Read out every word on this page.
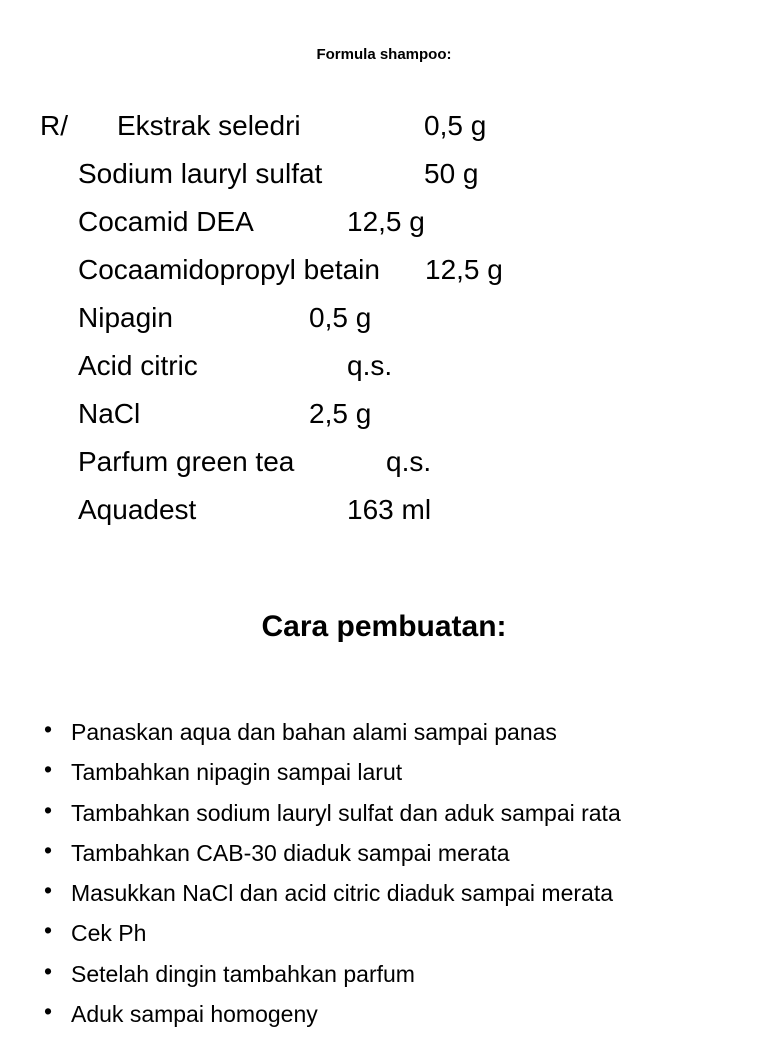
Formula shampoo:
R/ Ekstrak seledri	0,5 g
Sodium lauryl sulfat	50 g
Cocamid DEA	12,5 g
Cocaamidopropyl betain 12,5 g
Nipagin	0,5 g
Acid citric	q.s.
NaCl	2,5 g
Parfum green tea	q.s.
Aquadest	163 ml
Cara pembuatan:
• Panaskan aqua dan bahan alami sampai panas
• Tambahkan nipagin sampai larut
• Tambahkan sodium lauryl sulfat dan aduk sampai rata
• Tambahkan CAB-30 diaduk sampai merata
• Masukkan NaCl dan acid citric diaduk sampai merata
• Cek Ph
• Setelah dingin tambahkan parfum
• Aduk sampai homogeny
